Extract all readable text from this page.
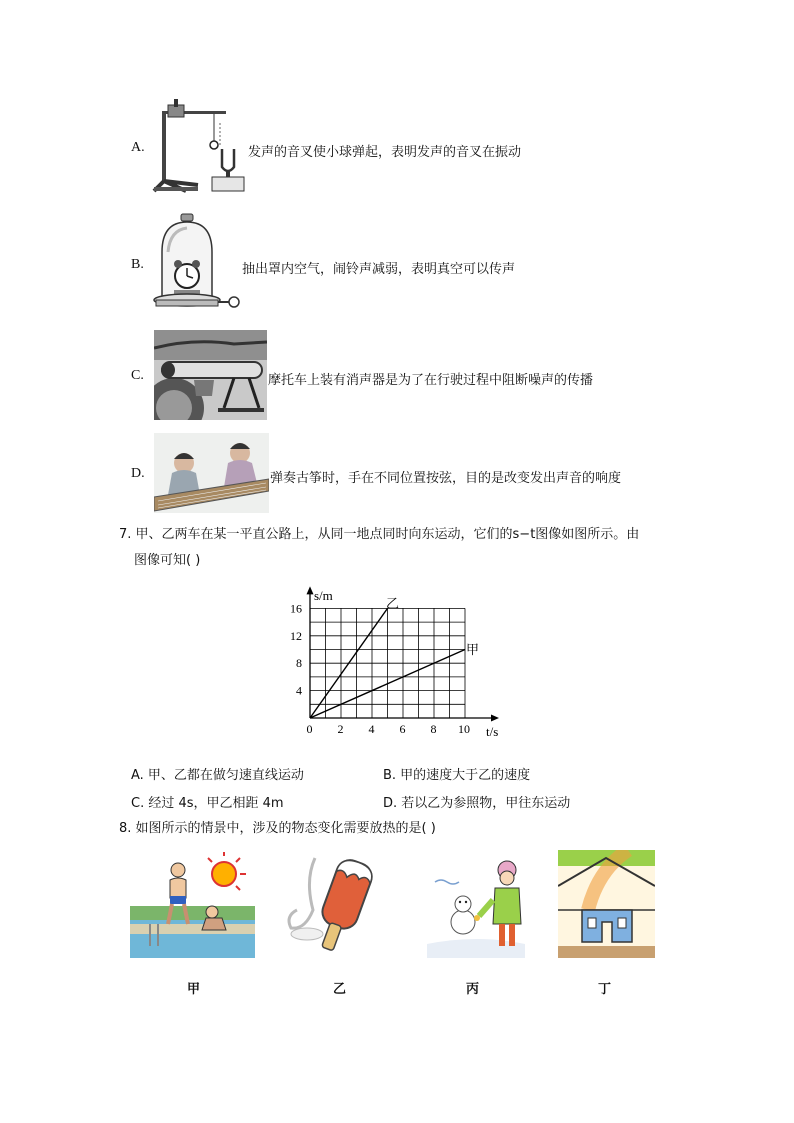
A.	发声的音叉使小球弹起，表明发声的音叉在振动
B.	抽出罩内空气，闹铃声减弱，表明真空可以传声
C.	摩托车上装有消声器是为了在行驶过程中阻断噪声的传播
D.	弹奏古筝时，手在不同位置按弦，目的是改变发出声音的响度
7. 甲、乙两车在某一平直公路上，从同一地点同时向东运动，它们的s−t图像如图所示。由
图像可知( )
0 2 4 6 8 10
4
8
12
16
s/m
t/s
乙
甲
A. 甲、乙都在做匀速直线运动	B. 甲的速度大于乙的速度
C. 经过 4s，甲乙相距 4m	D. 若以乙为参照物，甲往东运动
8. 如图所示的情景中，涉及的物态变化需要放热的是( )
甲	乙	丙	丁
